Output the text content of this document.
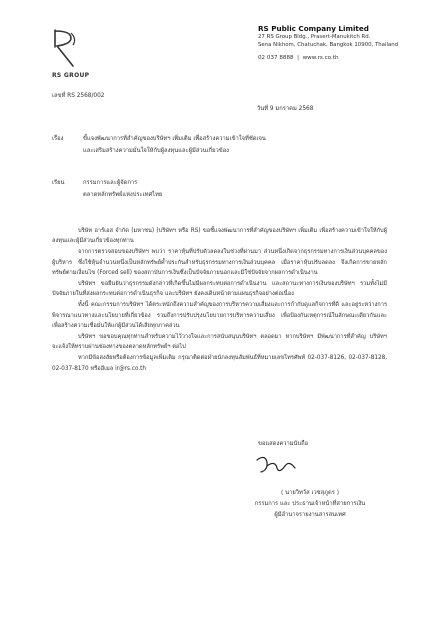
RS GROUP
RS Public Company Limited
27 RS Group Bldg., Prasert-Manukitch Rd.
Sena Nikhom, Chatuchak, Bangkok 10900, Thailand
02 037 8888  |  www.rs.co.th
เลขที่ RS 2568/002
วันที่ 9 มกราคม 2568
เรื่อง	ขี้แจงพัฒนาการที่สำคัญของบริษัทฯ เพิ่มเติม เพื่อสร้างความเข้าใจที่ชัดเจน
และเสริมสร้างความมั่นใจให้กับผู้ลงทุนและผู้มีส่วนเกี่ยวข้อง
เรียน	กรรมการและผู้จัดการ
ตลาดหลักทรัพย์แห่งประเทศไทย

บริษัท อาร์เอส จำกัด (มหาชน) (บริษัทฯ หรือ RS) ขอชี้แจงพัฒนาการที่สำคัญของบริษัทฯ เพิ่มเติม เพื่อสร้างความเข้าใจให้กับผู้ลงทุนและผู้มีส่วนเกี่ยวข้องทุกท่าน

จากการตรวจสอบของบริษัทฯ พบว่า ราคาหุ้นที่ปรับตัวลดลงในช่วงที่ผ่านมา ส่วนหนึ่งเกิดจากธุรกรรมทางการเงินส่วนบุคคลของผู้บริหาร ซึ่งใช้หุ้นจำนวนหนึ่งเป็นหลักทรัพย์ค้ำประกันสำหรับธุรกรรมทางการเงินส่วนบุคคล เมื่อราคาหุ้นปรับลดลง จึงเกิดการขายหลักทรัพย์ตามเงื่อนไข (Forced sell) ของสถาบันการเงินซึ่งเป็นปัจจัยภายนอกและมิใช่ปัจจัยจากผลการดำเนินงาน

บริษัทฯ ขอยืนยันว่าธุรกรรมดังกล่าวที่เกิดขึ้นไม่มีผลกระทบต่อการดำเนินงาน และสถานะทางการเงินของบริษัทฯ รวมทั้งไม่มีปัจจัยภายในที่ส่งผลกระทบต่อการดำเนินธุรกิจ และบริษัทฯ ยังคงเดินหน้าตามแผนธุรกิจอย่างต่อเนื่อง

ทั้งนี้ คณะกรรมการบริษัทฯ ได้ตระหนักถึงความสำคัญของการบริหารความเสี่ยงและการกำกับดูแลกิจการที่ดี และอยู่ระหว่างการพิจารณาแนวทางและนโยบายที่เกี่ยวข้อง รวมถึงการปรับปรุงนโยบายการบริหารความเสี่ยง เพื่อป้องกันเหตุการณ์ในลักษณะเดียวกันและเพื่อสร้างความเชื่อมั่นให้แก่ผู้มีส่วนได้เสียทุกภาคส่วน

บริษัทฯ ขอขอบคุณทุกท่านสำหรับความไว้วางใจและการสนับสนุนบริษัทฯ ตลอดมา หากบริษัทฯ มีพัฒนาการที่สำคัญ บริษัทฯ จะแจ้งให้ทราบผ่านช่องทางของตลาดหลักทรัพย์ฯ ต่อไป

หากมีข้อสงสัยหรือต้องการข้อมูลเพิ่มเติม กรุณาติดต่อฝ่ายนักลงทุนสัมพันธ์ที่หมายเลขโทรศัพท์ 02-037-8126, 02-037-8128, 02-037-8170 หรืออีเมล ir@rs.co.th

ขอแสดงความนับถือ
( นายวิทวัส เวชสุภูดร )
กรรมการ และ ประธานเจ้าหน้าที่สายการเงิน
ผู้มีอำนาจรายงานสารสนเทศ
